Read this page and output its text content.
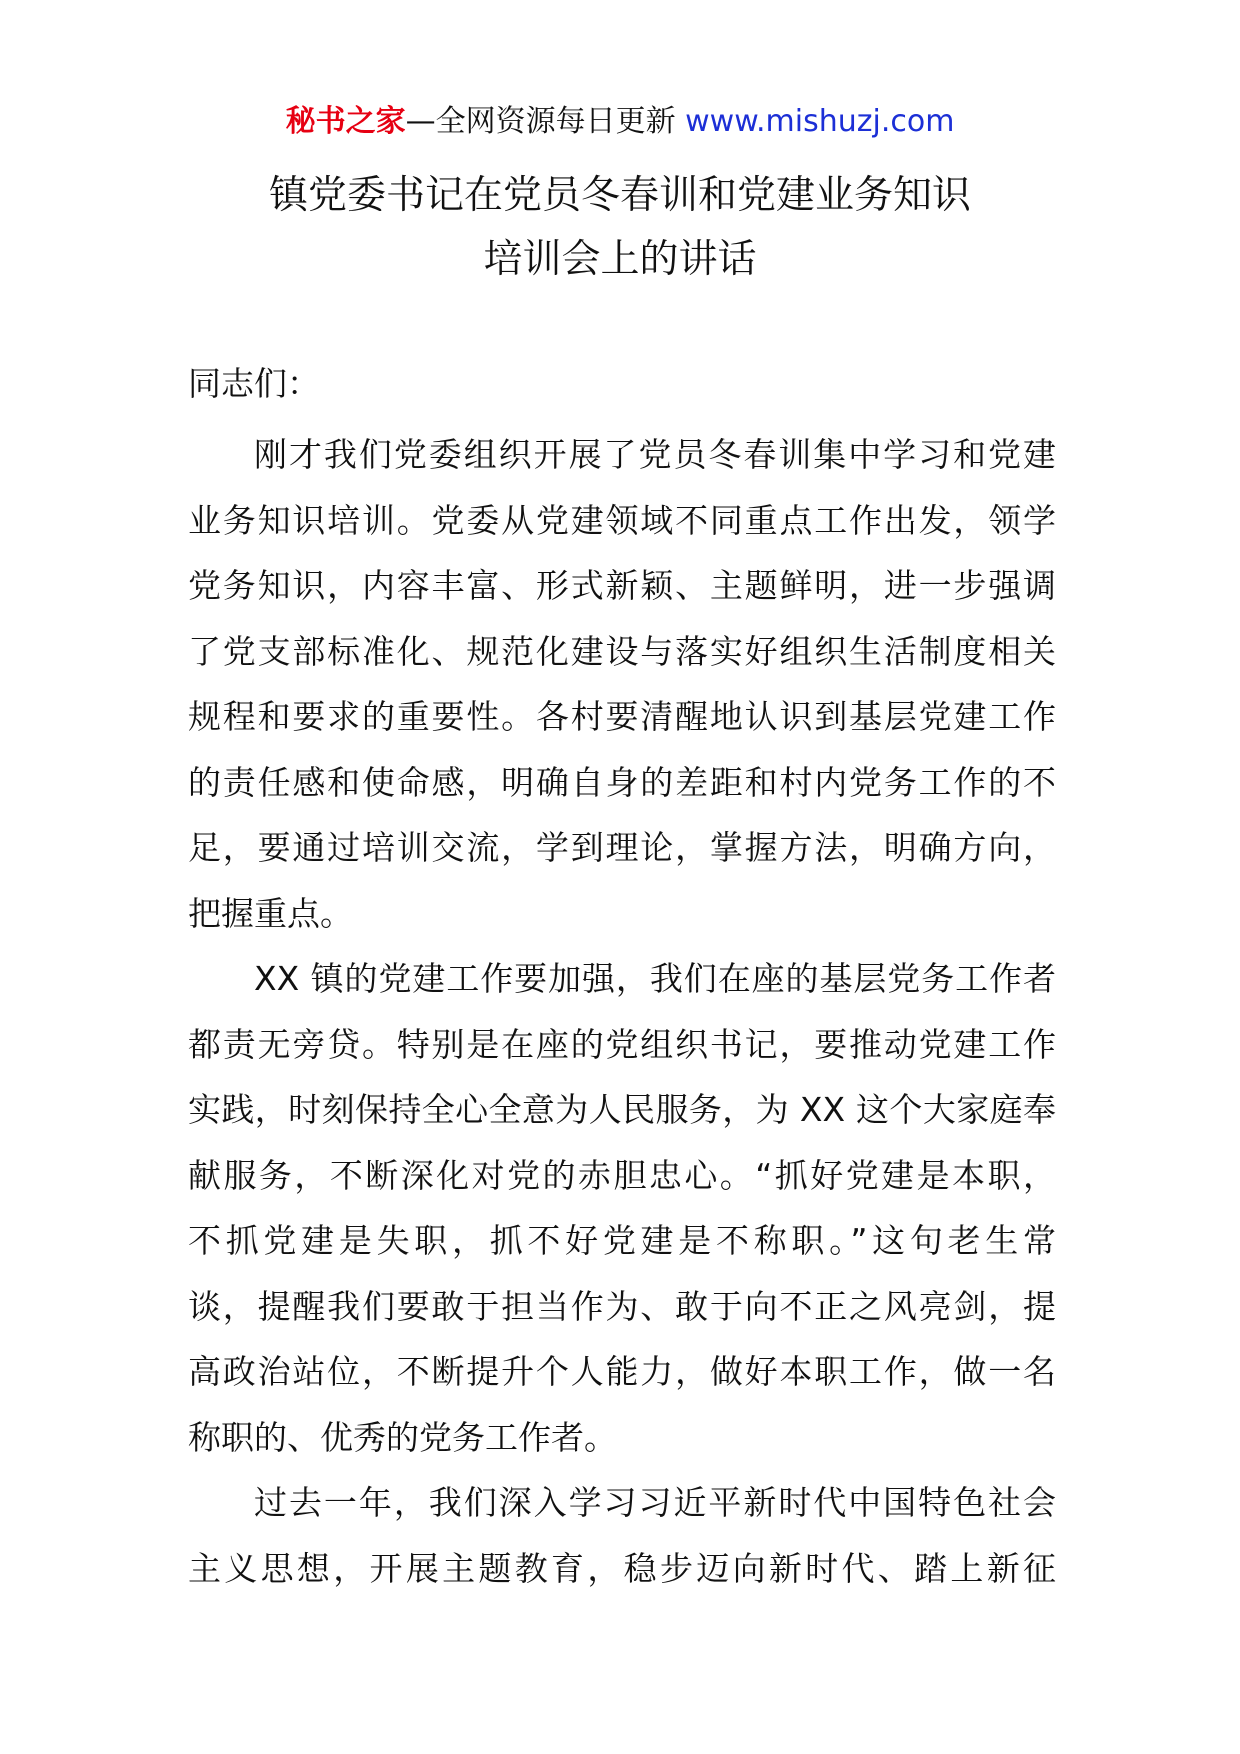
秘书之家—全网资源每日更新 www.mishuzj.com
镇党委书记在党员冬春训和党建业务知识
培训会上的讲话
同志们：
刚才我们党委组织开展了党员冬春训集中学习和党建
业务知识培训。党委从党建领域不同重点工作出发，领学
党务知识，内容丰富、形式新颖、主题鲜明，进一步强调
了党支部标准化、规范化建设与落实好组织生活制度相关
规程和要求的重要性。各村要清醒地认识到基层党建工作
的责任感和使命感，明确自身的差距和村内党务工作的不
足，要通过培训交流，学到理论，掌握方法，明确方向，
把握重点。
XX 镇的党建工作要加强，我们在座的基层党务工作者
都责无旁贷。特别是在座的党组织书记，要推动党建工作
实践，时刻保持全心全意为人民服务，为 XX 这个大家庭奉
献服务，不断深化对党的赤胆忠心。“抓好党建是本职，
不抓党建是失职，抓不好党建是不称职。”这句老生常
谈，提醒我们要敢于担当作为、敢于向不正之风亮剑，提
高政治站位，不断提升个人能力，做好本职工作，做一名
称职的、优秀的党务工作者。
过去一年，我们深入学习习近平新时代中国特色社会
主义思想，开展主题教育，稳步迈向新时代、踏上新征
